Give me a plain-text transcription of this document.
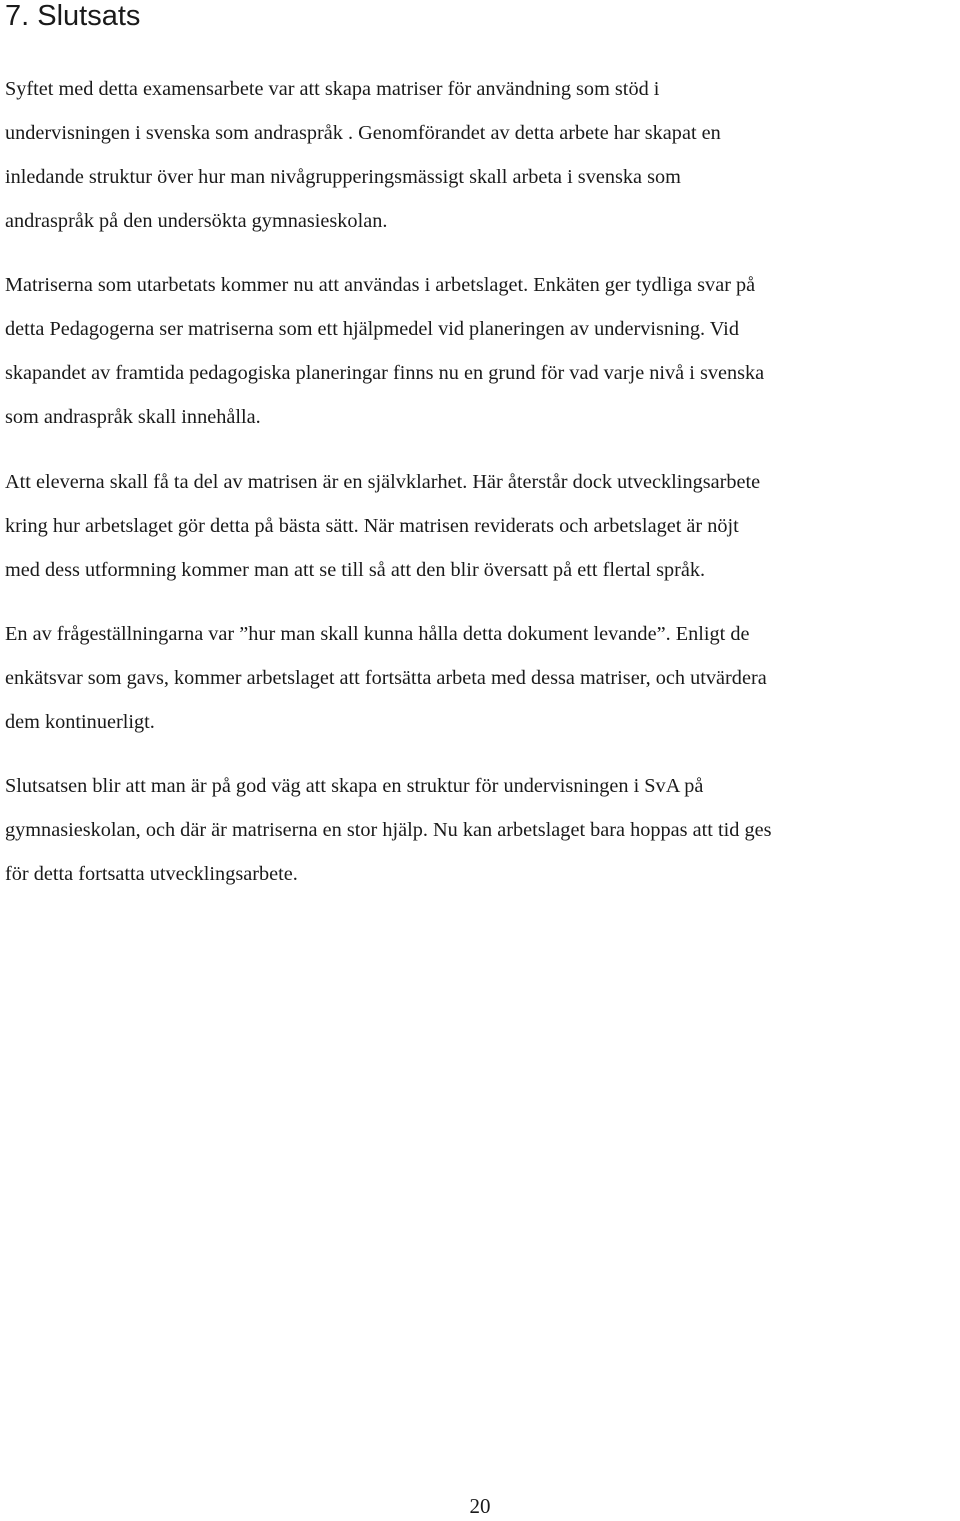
7. Slutsats

Syftet med detta examensarbete var att skapa matriser för användning som stöd i
undervisningen i svenska som andraspråk . Genomförandet av detta arbete har skapat en
inledande struktur över hur man nivågrupperingsmässigt skall arbeta i svenska som
andraspråk på den undersökta gymnasieskolan.

Matriserna som utarbetats kommer nu att användas i arbetslaget. Enkäten ger tydliga svar på
detta Pedagogerna ser matriserna som ett hjälpmedel vid planeringen av undervisning. Vid
skapandet av framtida pedagogiska planeringar finns nu en grund för vad varje nivå i svenska
som andraspråk skall innehålla.

Att eleverna skall få ta del av matrisen är en självklarhet. Här återstår dock utvecklingsarbete
kring hur arbetslaget gör detta på bästa sätt. När matrisen reviderats och arbetslaget är nöjt
med dess utformning kommer man att se till så att den blir översatt på ett flertal språk.

En av frågeställningarna var ”hur man skall kunna hålla detta dokument levande”. Enligt de
enkätsvar som gavs, kommer arbetslaget att fortsätta arbeta med dessa matriser, och utvärdera
dem kontinuerligt.

Slutsatsen blir att man är på god väg att skapa en struktur för undervisningen i SvA på
gymnasieskolan, och där är matriserna en stor hjälp. Nu kan arbetslaget bara hoppas att tid ges
för detta fortsatta utvecklingsarbete.

20
